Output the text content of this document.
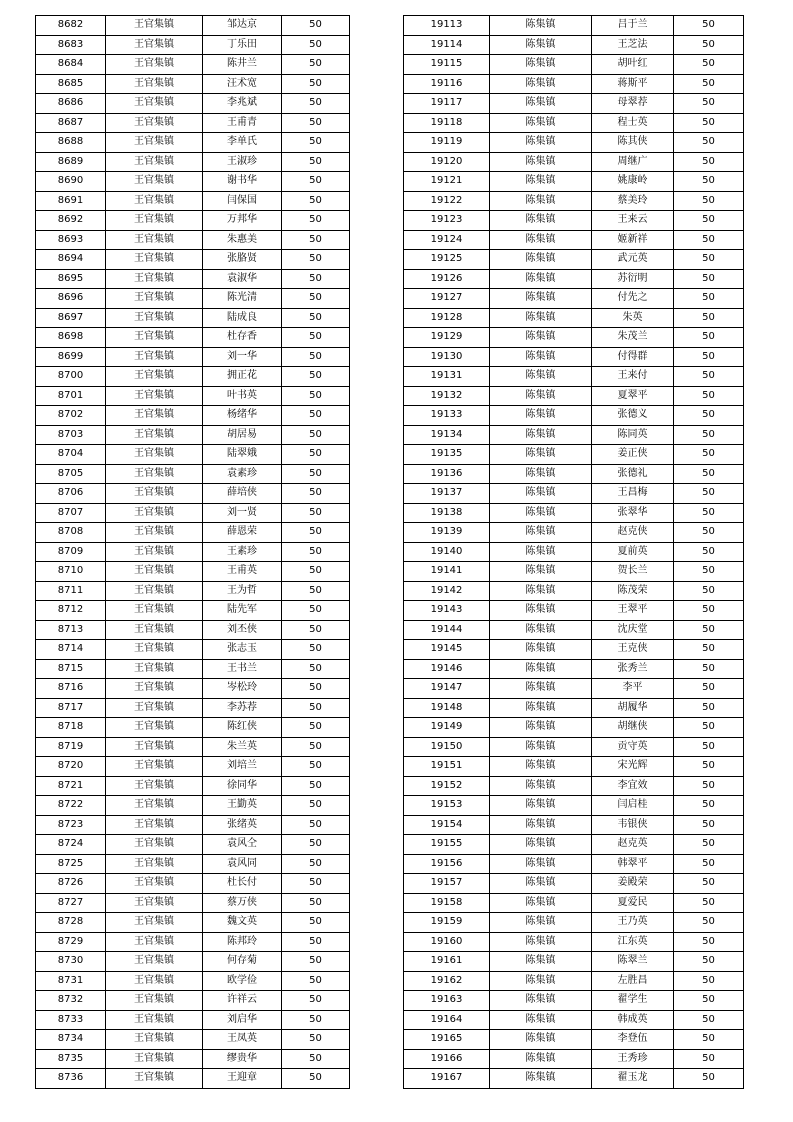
8682	王官集镇	邹达京	50
8683	王官集镇	丁乐田	50
8684	王官集镇	陈井兰	50
8685	王官集镇	汪术宽	50
8686	王官集镇	李兆斌	50
8687	王官集镇	王甫青	50
8688	王官集镇	李单氏	50
8689	王官集镇	王淑珍	50
8690	王官集镇	谢书华	50
8691	王官集镇	闫保国	50
8692	王官集镇	万邦华	50
8693	王官集镇	朱惠美	50
8694	王官集镇	张胳贤	50
8695	王官集镇	袁淑华	50
8696	王官集镇	陈光清	50
8697	王官集镇	陆成良	50
8698	王官集镇	杜存香	50
8699	王官集镇	刘一华	50
8700	王官集镇	拥正花	50
8701	王官集镇	叶书英	50
8702	王官集镇	杨绪华	50
8703	王官集镇	胡居易	50
8704	王官集镇	陆翠娥	50
8705	王官集镇	袁素珍	50
8706	王官集镇	薛培侠	50
8707	王官集镇	刘一贤	50
8708	王官集镇	薛恩荣	50
8709	王官集镇	王素珍	50
8710	王官集镇	王甫英	50
8711	王官集镇	王为哲	50
8712	王官集镇	陆先军	50
8713	王官集镇	刘丕侠	50
8714	王官集镇	张志玉	50
8715	王官集镇	王书兰	50
8716	王官集镇	岑松玲	50
8717	王官集镇	李苏荐	50
8718	王官集镇	陈红侠	50
8719	王官集镇	朱兰英	50
8720	王官集镇	刘培兰	50
8721	王官集镇	徐同华	50
8722	王官集镇	王勤英	50
8723	王官集镇	张绪英	50
8724	王官集镇	袁风仝	50
8725	王官集镇	袁风同	50
8726	王官集镇	杜长付	50
8727	王官集镇	蔡万侠	50
8728	王官集镇	魏文英	50
8729	王官集镇	陈邦玲	50
8730	王官集镇	何存菊	50
8731	王官集镇	欧学俭	50
8732	王官集镇	许祥云	50
8733	王官集镇	刘启华	50
8734	王官集镇	王凤英	50
8735	王官集镇	缪贵华	50
8736	王官集镇	王迎章	50
19113	陈集镇	吕于兰	50
19114	陈集镇	王芝法	50
19115	陈集镇	胡叶红	50
19116	陈集镇	蒋斯平	50
19117	陈集镇	母翠荐	50
19118	陈集镇	程士英	50
19119	陈集镇	陈其侠	50
19120	陈集镇	周继广	50
19121	陈集镇	姚康岭	50
19122	陈集镇	蔡美玲	50
19123	陈集镇	王来云	50
19124	陈集镇	姬新祥	50
19125	陈集镇	武元英	50
19126	陈集镇	苏衍明	50
19127	陈集镇	付先之	50
19128	陈集镇	朱英	50
19129	陈集镇	朱茂兰	50
19130	陈集镇	付得群	50
19131	陈集镇	王来付	50
19132	陈集镇	夏翠平	50
19133	陈集镇	张德义	50
19134	陈集镇	陈同英	50
19135	陈集镇	姜正侠	50
19136	陈集镇	张德礼	50
19137	陈集镇	王昌梅	50
19138	陈集镇	张翠华	50
19139	陈集镇	赵克侠	50
19140	陈集镇	夏前英	50
19141	陈集镇	贺长兰	50
19142	陈集镇	陈茂荣	50
19143	陈集镇	王翠平	50
19144	陈集镇	沈庆堂	50
19145	陈集镇	王克侠	50
19146	陈集镇	张秀兰	50
19147	陈集镇	李平	50
19148	陈集镇	胡履华	50
19149	陈集镇	胡继侠	50
19150	陈集镇	贡守英	50
19151	陈集镇	宋光辉	50
19152	陈集镇	李宜效	50
19153	陈集镇	闫启桂	50
19154	陈集镇	韦银侠	50
19155	陈集镇	赵克英	50
19156	陈集镇	韩翠平	50
19157	陈集镇	姜殿荣	50
19158	陈集镇	夏爱民	50
19159	陈集镇	王乃英	50
19160	陈集镇	江东英	50
19161	陈集镇	陈翠兰	50
19162	陈集镇	左胜昌	50
19163	陈集镇	翟学生	50
19164	陈集镇	韩成英	50
19165	陈集镇	李登伍	50
19166	陈集镇	王秀珍	50
19167	陈集镇	翟玉龙	50
